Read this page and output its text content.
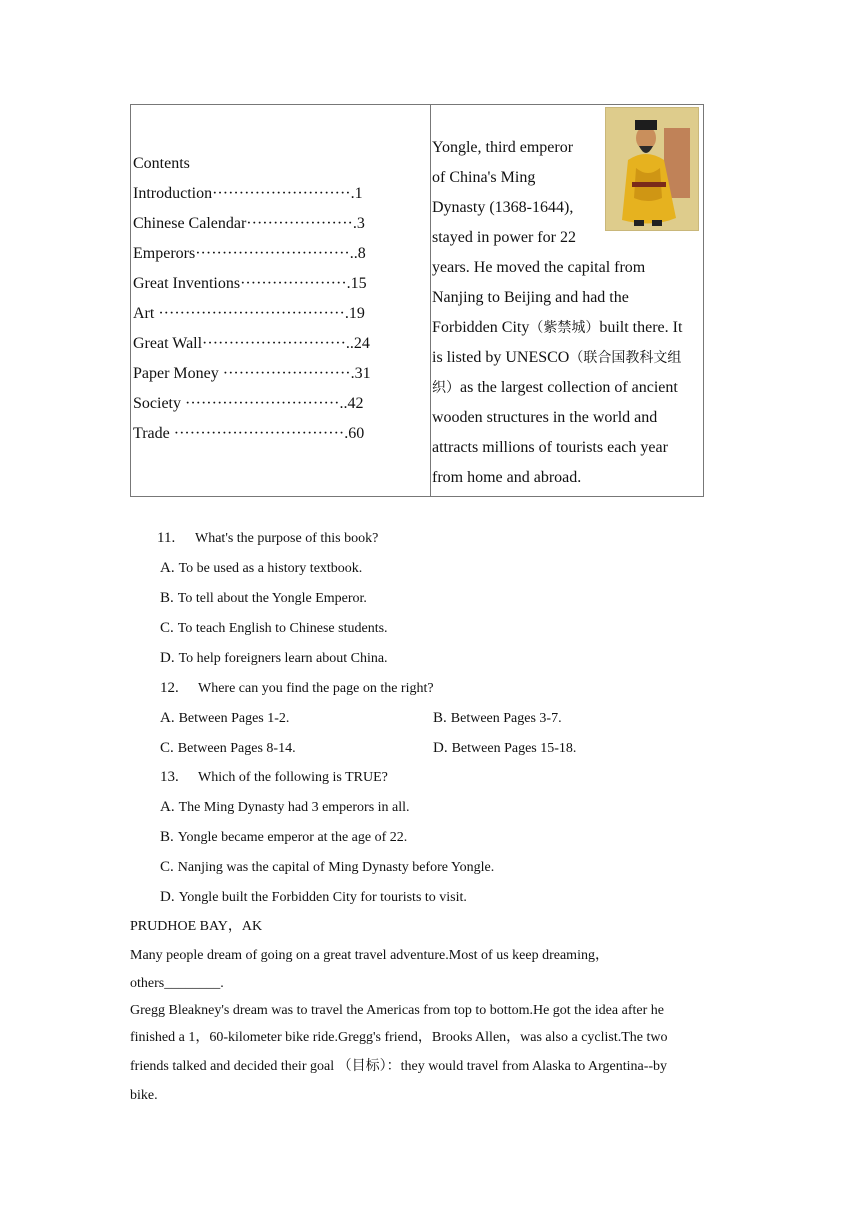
Contents
Introduction··························.1
Chinese Calendar····················.3
Emperors·····························..8
Great Inventions····················.15
Art ···································.19
Great Wall···························..24
Paper Money ························.31
Society ·····························..42
Trade ································.60
Yongle, third emperor
of China's Ming
Dynasty (1368-1644),
stayed in power for 22
years. He moved the capital from
Nanjing to Beijing and had the
Forbidden City（紫禁城）built there. It
is listed by UNESCO（联合国教科文组
织）as the largest collection of ancient
wooden structures in the world and
attracts millions of tourists each year
from home and abroad.
11. What's the purpose of this book?
A. To be used as a history textbook.
B. To tell about the Yongle Emperor.
C. To teach English to Chinese students.
D. To help foreigners learn about China.
12. Where can you find the page on the right?
A. Between Pages 1-2.	B. Between Pages 3-7.
C. Between Pages 8-14.	D. Between Pages 15-18.
13. Which of the following is TRUE?
A. The Ming Dynasty had 3 emperors in all.
B. Yongle became emperor at the age of 22.
C. Nanjing was the capital of Ming Dynasty before Yongle.
D. Yongle built the Forbidden City for tourists to visit.
PRUDHOE BAY，AK
Many people dream of going on a great travel adventure.Most of us keep dreaming，
others________.
Gregg Bleakney's dream was to travel the Americas from top to bottom.He got the idea after he
finished a 1，60-kilometer bike ride.Gregg's friend，Brooks Allen，was also a cyclist.The two
friends talked and decided their goal （目标）：they would travel from Alaska to Argentina--by
bike.
